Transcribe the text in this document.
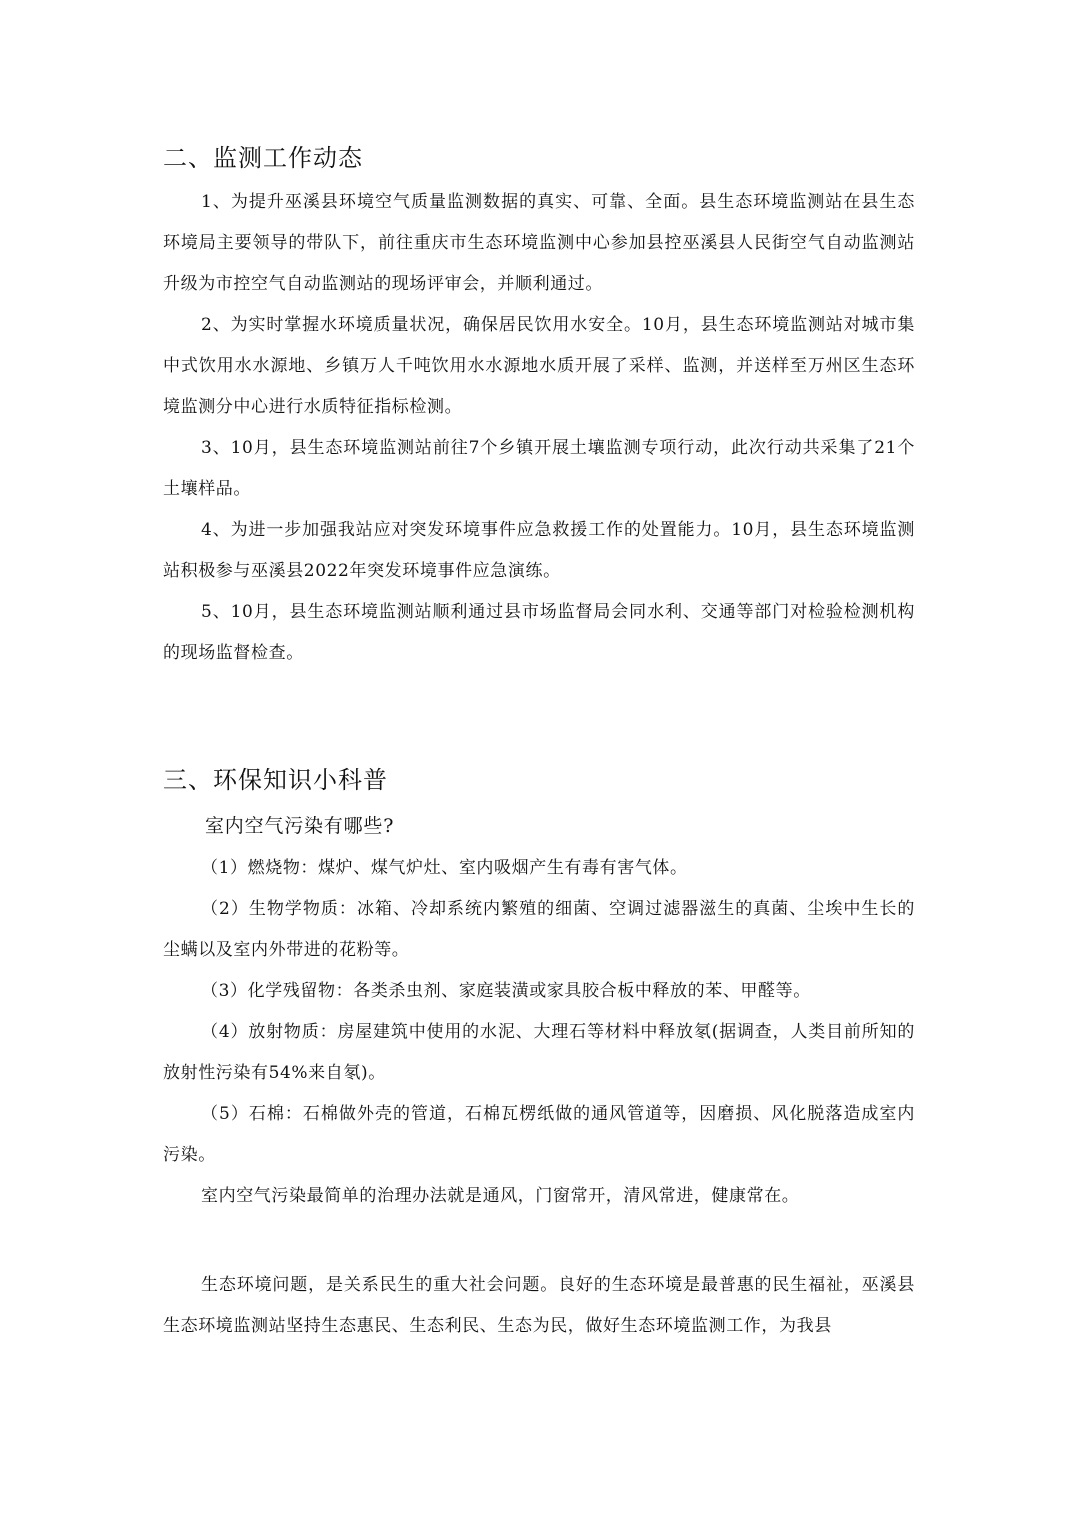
二、监测工作动态

1、为提升巫溪县环境空气质量监测数据的真实、可靠、全面。县生态环境监测站在县生态环境局主要领导的带队下，前往重庆市生态环境监测中心参加县控巫溪县人民街空气自动监测站升级为市控空气自动监测站的现场评审会，并顺利通过。

2、为实时掌握水环境质量状况，确保居民饮用水安全。10月，县生态环境监测站对城市集中式饮用水水源地、乡镇万人千吨饮用水水源地水质开展了采样、监测，并送样至万州区生态环境监测分中心进行水质特征指标检测。

3、10月，县生态环境监测站前往7个乡镇开展土壤监测专项行动，此次行动共采集了21个土壤样品。

4、为进一步加强我站应对突发环境事件应急救援工作的处置能力。10月，县生态环境监测站积极参与巫溪县2022年突发环境事件应急演练。

5、10月，县生态环境监测站顺利通过县市场监督局会同水利、交通等部门对检验检测机构的现场监督检查。

三、环保知识小科普

室内空气污染有哪些?

（1）燃烧物：煤炉、煤气炉灶、室内吸烟产生有毒有害气体。

（2）生物学物质：冰箱、冷却系统内繁殖的细菌、空调过滤器滋生的真菌、尘埃中生长的尘螨以及室内外带进的花粉等。

（3）化学残留物：各类杀虫剂、家庭装潢或家具胶合板中释放的苯、甲醛等。

（4）放射物质：房屋建筑中使用的水泥、大理石等材料中释放氡(据调查，人类目前所知的放射性污染有54%来自氡)。

（5）石棉：石棉做外壳的管道，石棉瓦楞纸做的通风管道等，因磨损、风化脱落造成室内污染。

室内空气污染最简单的治理办法就是通风，门窗常开，清风常进，健康常在。

生态环境问题，是关系民生的重大社会问题。良好的生态环境是最普惠的民生福祉，巫溪县生态环境监测站坚持生态惠民、生态利民、生态为民，做好生态环境监测工作，为我县
